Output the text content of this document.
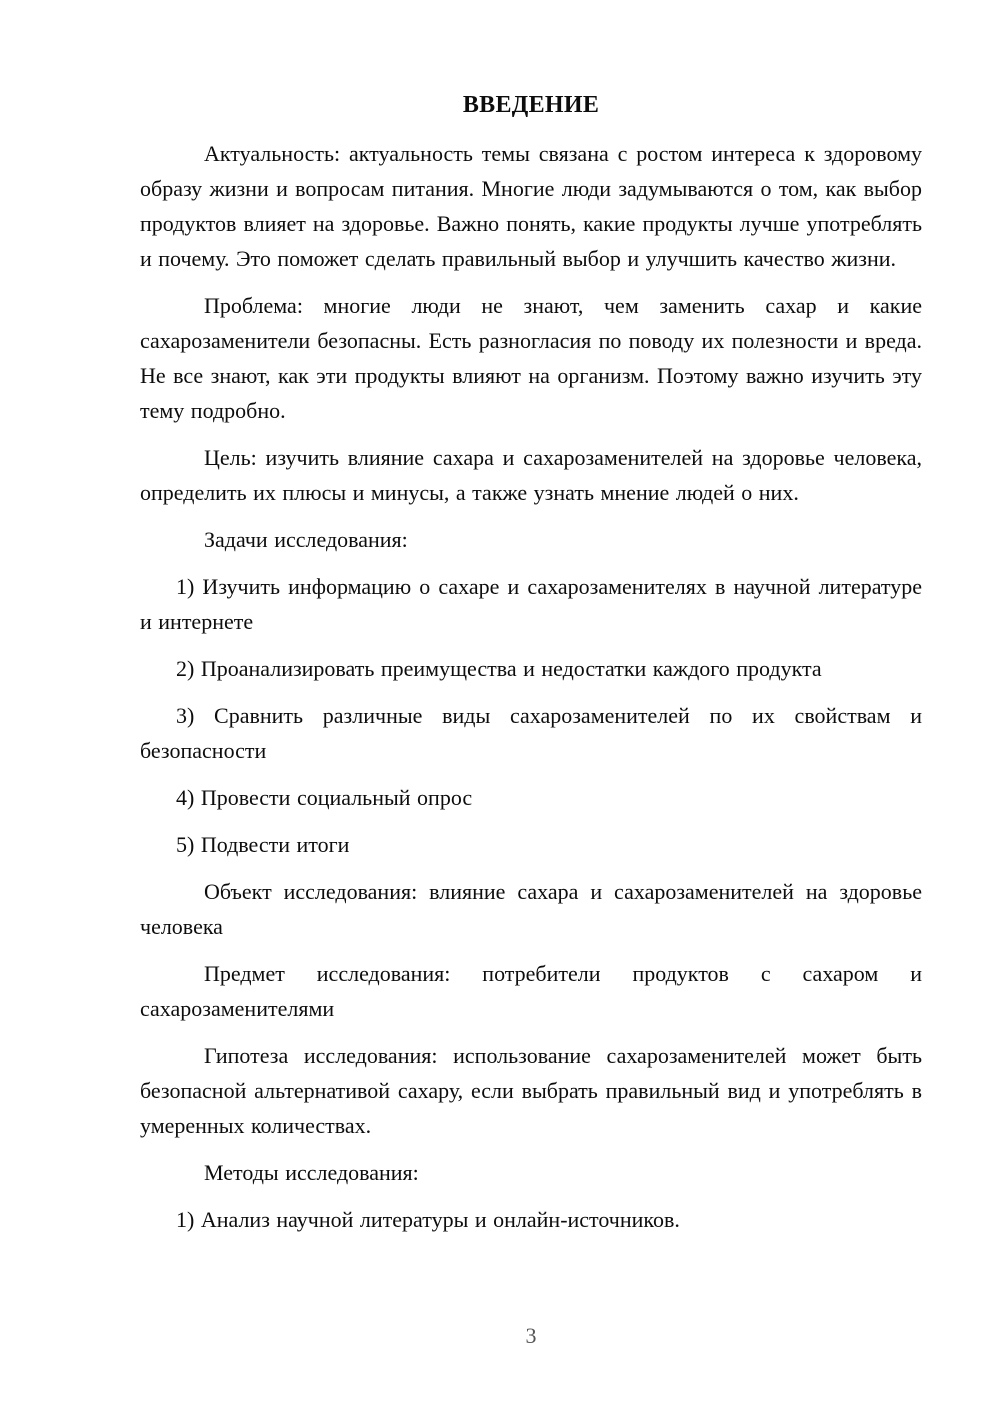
ВВЕДЕНИЕ

Актуальность: актуальность темы связана с ростом интереса к здоровому образу жизни и вопросам питания. Многие люди задумываются о том, как выбор продуктов влияет на здоровье. Важно понять, какие продукты лучше употреблять и почему. Это поможет сделать правильный выбор и улучшить качество жизни.

Проблема: многие люди не знают, чем заменить сахар и какие сахарозаменители безопасны. Есть разногласия по поводу их полезности и вреда. Не все знают, как эти продукты влияют на организм. Поэтому важно изучить эту тему подробно.

Цель: изучить влияние сахара и сахарозаменителей на здоровье человека, определить их плюсы и минусы, а также узнать мнение людей о них.

Задачи исследования:

1) Изучить информацию о сахаре и сахарозаменителях в научной литературе и интернете

2) Проанализировать преимущества и недостатки каждого продукта

3) Сравнить различные виды сахарозаменителей по их свойствам и безопасности

4) Провести социальный опрос

5) Подвести итоги

Объект исследования: влияние сахара и сахарозаменителей на здоровье человека

Предмет исследования: потребители продуктов с сахаром и сахарозаменителями

Гипотеза исследования: использование сахарозаменителей может быть безопасной альтернативой сахару, если выбрать правильный вид и употреблять в умеренных количествах.

Методы исследования:

1) Анализ научной литературы и онлайн-источников.

3
